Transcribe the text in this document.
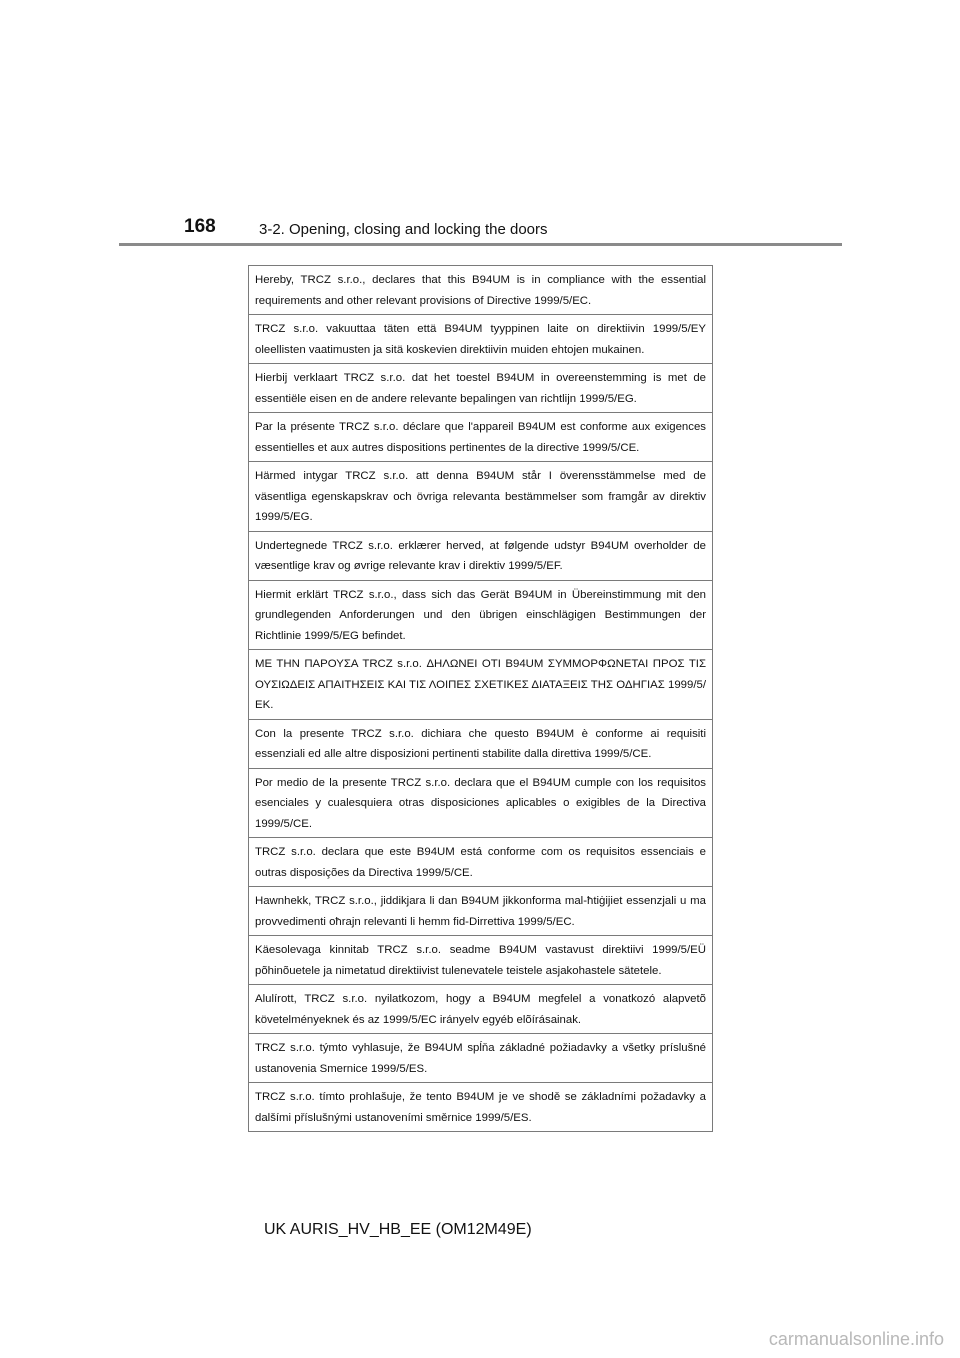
168	3-2. Opening, closing and locking the doors

Hereby, TRCZ s.r.o., declares that this B94UM is in compliance with the essential requirements and other relevant provisions of Directive 1999/5/EC.
TRCZ s.r.o. vakuuttaa täten että B94UM tyyppinen laite on direktiivin 1999/5/EY oleellisten vaatimusten ja sitä koskevien direktiivin muiden ehtojen mukainen.
Hierbij verklaart TRCZ s.r.o. dat het toestel B94UM in overeenstemming is met de essentiële eisen en de andere relevante bepalingen van richtlijn 1999/5/EG.
Par la présente TRCZ s.r.o. déclare que l'appareil B94UM est conforme aux exigences essentielles et aux autres dispositions pertinentes de la directive 1999/5/CE.
Härmed intygar TRCZ s.r.o. att denna B94UM står I överensstämmelse med de väsentliga egenskapskrav och övriga relevanta bestämmelser som framgår av direktiv 1999/5/EG.
Undertegnede TRCZ s.r.o. erklærer herved, at følgende udstyr B94UM overholder de væsentlige krav og øvrige relevante krav i direktiv 1999/5/EF.
Hiermit erklärt TRCZ s.r.o., dass sich das Gerät B94UM in Übereinstimmung mit den grundlegenden Anforderungen und den übrigen einschlägigen Bestimmungen der Richtlinie 1999/5/EG befindet.
ΜΕ ΤΗΝ ΠΑΡΟΥΣΑ TRCZ s.r.o. ΔΗΛΩΝΕΙ ΟΤΙ B94UM ΣΥΜΜΟΡΦΩΝΕΤΑΙ ΠΡΟΣ ΤΙΣ ΟΥΣΙΩΔΕΙΣ ΑΠΑΙΤΗΣΕΙΣ ΚΑΙ ΤΙΣ ΛΟΙΠΕΣ ΣΧΕΤΙΚΕΣ ΔΙΑΤΑΞΕΙΣ ΤΗΣ ΟΔΗΓΙΑΣ 1999/5/ΕΚ.
Con la presente TRCZ s.r.o. dichiara che questo B94UM è conforme ai requisiti essenziali ed alle altre disposizioni pertinenti stabilite dalla direttiva 1999/5/CE.
Por medio de la presente TRCZ s.r.o. declara que el B94UM cumple con los requisitos esenciales y cualesquiera otras disposiciones aplicables o exigibles de la Directiva 1999/5/CE.
TRCZ s.r.o. declara que este B94UM está conforme com os requisitos essenciais e outras disposições da Directiva 1999/5/CE.
Hawnhekk, TRCZ s.r.o., jiddikjara li dan B94UM jikkonforma mal-ħtiġijiet essenzjali u ma provvedimenti oħrajn relevanti li hemm fid-Dirrettiva 1999/5/EC.
Käesolevaga kinnitab TRCZ s.r.o. seadme B94UM vastavust direktiivi 1999/5/EÜ põhinõuetele ja nimetatud direktiivist tulenevatele teistele asjakohastele sätetele.
Alulírott, TRCZ s.r.o. nyilatkozom, hogy a B94UM megfelel a vonatkozó alapvetõ követelményeknek és az 1999/5/EC irányelv egyéb elõírásainak.
TRCZ s.r.o. týmto vyhlasuje, že B94UM spĺňa základné požiadavky a všetky príslušné ustanovenia Smernice 1999/5/ES.
TRCZ s.r.o. tímto prohlašuje, že tento B94UM je ve shodě se základními požadavky a dalšími příslušnými ustanoveními směrnice 1999/5/ES.

UK AURIS_HV_HB_EE (OM12M49E)

carmanualsonline.info
